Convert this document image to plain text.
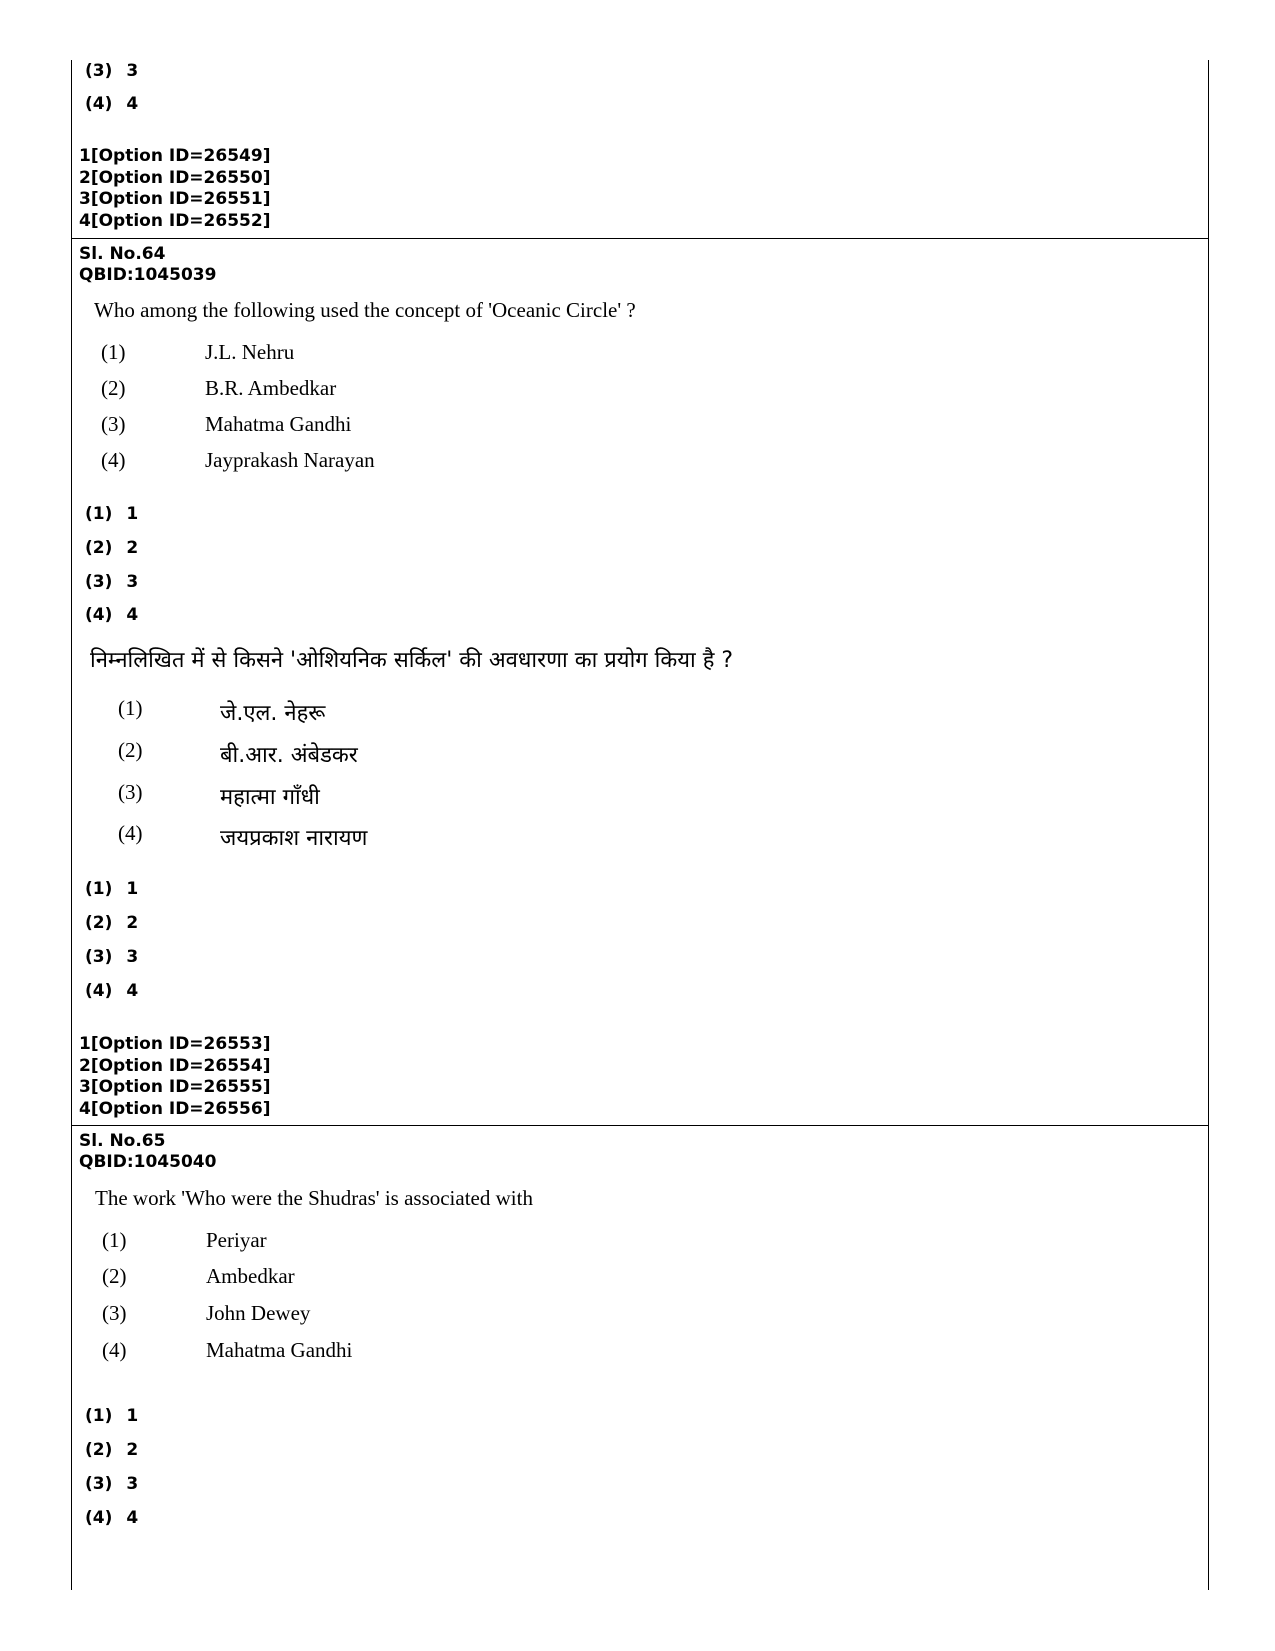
(3) 3
(4) 4
1[Option ID=26549]
2[Option ID=26550]
3[Option ID=26551]
4[Option ID=26552]
Sl. No.64
QBID:1045039
Who among the following used the concept of 'Oceanic Circle' ?
(1)	J.L. Nehru
(2)	B.R. Ambedkar
(3)	Mahatma Gandhi
(4)	Jayprakash Narayan
(1) 1
(2) 2
(3) 3
(4) 4
निम्नलिखित में से किसने 'ओशियनिक सर्किल' की अवधारणा का प्रयोग किया है ?
(1)	जे.एल. नेहरू
(2)	बी.आर. अंबेडकर
(3)	महात्मा गाँधी
(4)	जयप्रकाश नारायण
(1) 1
(2) 2
(3) 3
(4) 4
1[Option ID=26553]
2[Option ID=26554]
3[Option ID=26555]
4[Option ID=26556]
Sl. No.65
QBID:1045040
The work 'Who were the Shudras' is associated with
(1)	Periyar
(2)	Ambedkar
(3)	John Dewey
(4)	Mahatma Gandhi
(1) 1
(2) 2
(3) 3
(4) 4
